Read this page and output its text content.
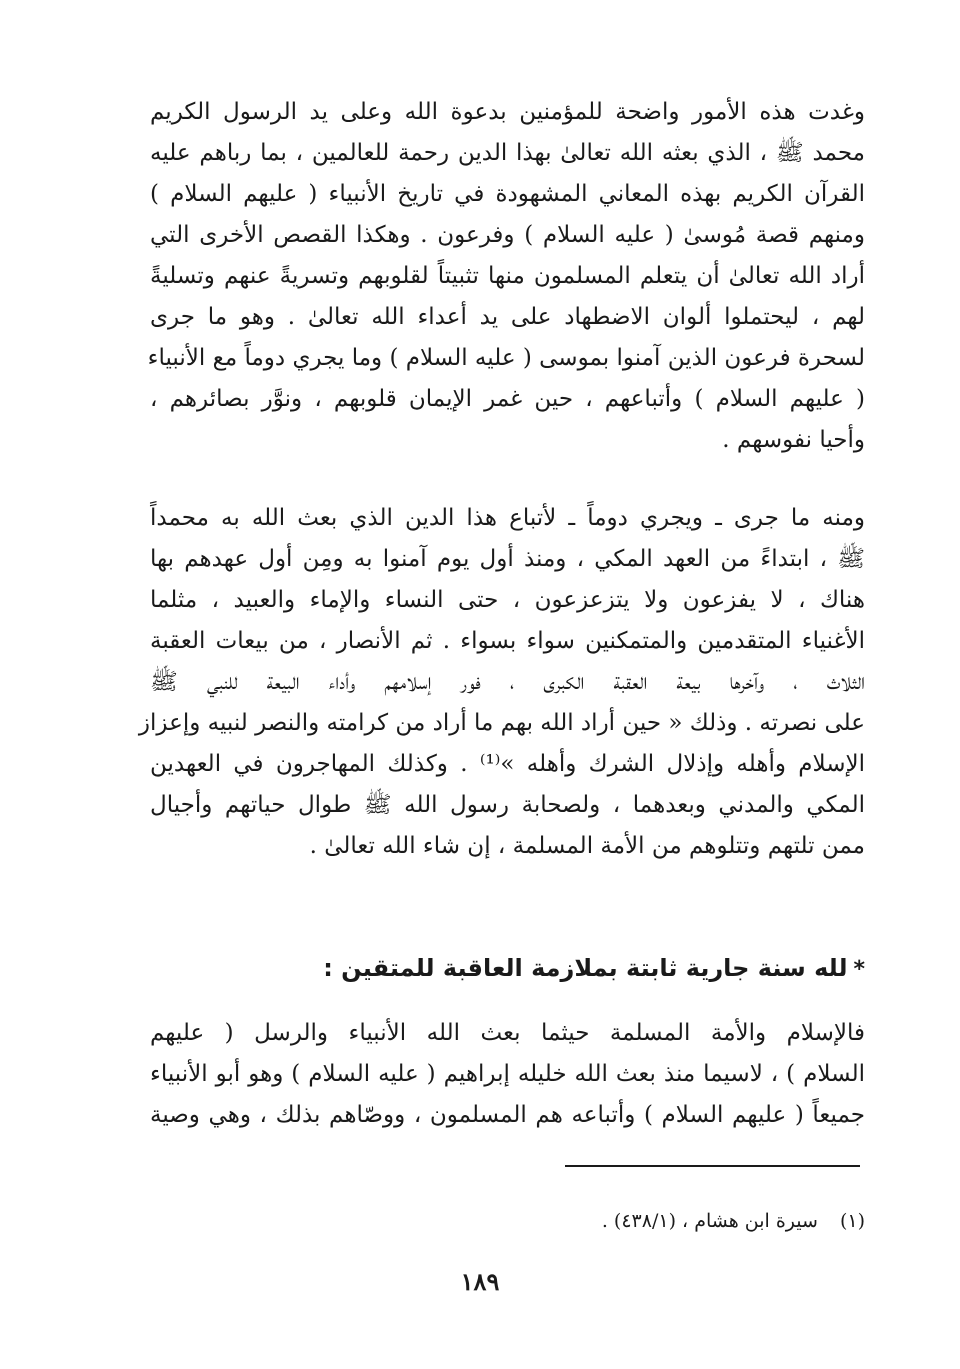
وغدت هذه الأمور واضحة للمؤمنين بدعوة الله وعلى يد الرسول الكريم
محمد ﷺ ، الذي بعثه الله تعالىٰ بهذا الدين رحمة للعالمين ، بما رباهم عليه
القرآن الكريم بهذه المعاني المشهودة في تاريخ الأنبياء ( عليهم السلام )
ومنهم قصة مُوسىٰ ( عليه السلام ) وفرعون . وهكذا القصص الأخرى التي
أراد الله تعالىٰ أن يتعلم المسلمون منها تثبيتاً لقلوبهم وتسريةً عنهم وتسليةً
لهم ، ليحتملوا ألوان الاضطهاد على يد أعداء الله تعالىٰ . وهو ما جرى
لسحرة فرعون الذين آمنوا بموسى ( عليه السلام ) وما يجري دوماً مع الأنبياء
( عليهم السلام ) وأتباعهم ، حين غمر الإيمان قلوبهم ، ونوَّر بصائرهم ،
وأحيا نفوسهم .
ومنه ما جرى ـ ويجري دوماً ـ لأتباع هذا الدين الذي بعث الله به محمداً
ﷺ ، ابتداءً من العهد المكي ، ومنذ أول يوم آمنوا به ومِن أول عهدهم بها
هناك ، لا يفزعون ولا يتزعزعون ، حتى النساء والإماء والعبيد ، مثلما
الأغنياء المتقدمين والمتمكنين سواء بسواء . ثم الأنصار ، من بيعات العقبة
الثلاث ، وآخرها بيعة العقبة الكبرى ، فور إسلامهم وأداء البيعة للنبي ﷺ
على نصرته . وذلك « حين أراد الله بهم ما أراد من كرامته والنصر لنبيه وإعزاز
الإسلام وأهله وإذلال الشرك وأهله »⁽¹⁾ . وكذلك المهاجرون في العهدين
المكي والمدني وبعدهما ، ولصحابة رسول الله ﷺ طوال حياتهم وأجيال
ممن تلتهم وتتلوهم من الأمة المسلمة ، إن شاء الله تعالىٰ .
*لله سنة جارية ثابتة بملازمة العاقبة للمتقين :
فالإسلام والأمة المسلمة حيثما بعث الله الأنبياء والرسل ( عليهم
السلام ) ، لاسيما منذ بعث الله خليله إبراهيم ( عليه السلام ) وهو أبو الأنبياء
جميعاً ( عليهم السلام ) وأتباعه هم المسلمون ، ووصّاهم بذلك ، وهي وصية
(١)سيرة ابن هشام ، (٤٣٨/١) .
١٨٩
